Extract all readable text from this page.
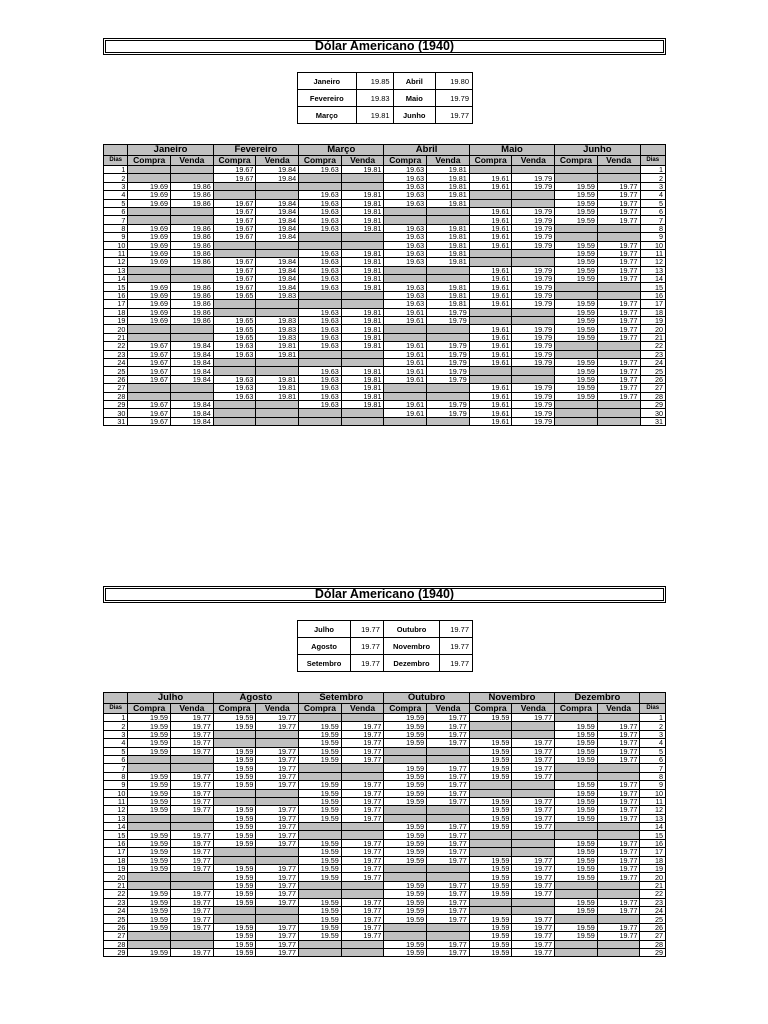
Dólar Americano (1940)
Janeiro	19.85	Abril	19.80
Fevereiro	19.83	Maio	19.79
Março	19.81	Junho	19.77
	Janeiro		Fevereiro		Março		Abril		Maio		Junho		
Dias	Compra	Venda	Compra	Venda	Compra	Venda	Compra	Venda	Compra	Venda	Compra	Venda	Dias
1			19.67	19.84	19.63	19.81	19.63	19.81					1
2			19.67	19.84			19.63	19.81	19.61	19.79			2
3	19.69	19.86					19.63	19.81	19.61	19.79	19.59	19.77	3
4	19.69	19.86			19.63	19.81	19.63	19.81			19.59	19.77	4
5	19.69	19.86	19.67	19.84	19.63	19.81	19.63	19.81			19.59	19.77	5
6			19.67	19.84	19.63	19.81			19.61	19.79	19.59	19.77	6
7			19.67	19.84	19.63	19.81			19.61	19.79	19.59	19.77	7
8	19.69	19.86	19.67	19.84	19.63	19.81	19.63	19.81	19.61	19.79			8
9	19.69	19.86	19.67	19.84			19.63	19.81	19.61	19.79			9
10	19.69	19.86					19.63	19.81	19.61	19.79	19.59	19.77	10
11	19.69	19.86			19.63	19.81	19.63	19.81			19.59	19.77	11
12	19.69	19.86	19.67	19.84	19.63	19.81	19.63	19.81			19.59	19.77	12
13			19.67	19.84	19.63	19.81			19.61	19.79	19.59	19.77	13
14			19.67	19.84	19.63	19.81			19.61	19.79	19.59	19.77	14
15	19.69	19.86	19.67	19.84	19.63	19.81	19.63	19.81	19.61	19.79			15
16	19.69	19.86	19.65	19.83			19.63	19.81	19.61	19.79			16
17	19.69	19.86					19.63	19.81	19.61	19.79	19.59	19.77	17
18	19.69	19.86			19.63	19.81	19.61	19.79			19.59	19.77	18
19	19.69	19.86	19.65	19.83	19.63	19.81	19.61	19.79			19.59	19.77	19
20			19.65	19.83	19.63	19.81			19.61	19.79	19.59	19.77	20
21			19.65	19.83	19.63	19.81			19.61	19.79	19.59	19.77	21
22	19.67	19.84	19.63	19.81	19.63	19.81	19.61	19.79	19.61	19.79			22
23	19.67	19.84	19.63	19.81			19.61	19.79	19.61	19.79			23
24	19.67	19.84					19.61	19.79	19.61	19.79	19.59	19.77	24
25	19.67	19.84			19.63	19.81	19.61	19.79			19.59	19.77	25
26	19.67	19.84	19.63	19.81	19.63	19.81	19.61	19.79			19.59	19.77	26
27			19.63	19.81	19.63	19.81			19.61	19.79	19.59	19.77	27
28			19.63	19.81	19.63	19.81			19.61	19.79	19.59	19.77	28
29	19.67	19.84			19.63	19.81	19.61	19.79	19.61	19.79			29
30	19.67	19.84					19.61	19.79	19.61	19.79			30
31	19.67	19.84							19.61	19.79			31
Dólar Americano (1940)
Julho	19.77	Outubro	19.77
Agosto	19.77	Novembro	19.77
Setembro	19.77	Dezembro	19.77
	Julho		Agosto		Setembro		Outubro		Novembro		Dezembro		
Dias	Compra	Venda	Compra	Venda	Compra	Venda	Compra	Venda	Compra	Venda	Compra	Venda	Dias
1	19.59	19.77	19.59	19.77			19.59	19.77	19.59	19.77			1
2	19.59	19.77	19.59	19.77	19.59	19.77	19.59	19.77			19.59	19.77	2
3	19.59	19.77			19.59	19.77	19.59	19.77			19.59	19.77	3
4	19.59	19.77			19.59	19.77	19.59	19.77	19.59	19.77	19.59	19.77	4
5	19.59	19.77	19.59	19.77	19.59	19.77			19.59	19.77	19.59	19.77	5
6			19.59	19.77	19.59	19.77			19.59	19.77	19.59	19.77	6
7			19.59	19.77			19.59	19.77	19.59	19.77			7
8	19.59	19.77	19.59	19.77			19.59	19.77	19.59	19.77			8
9	19.59	19.77	19.59	19.77	19.59	19.77	19.59	19.77			19.59	19.77	9
10	19.59	19.77			19.59	19.77	19.59	19.77			19.59	19.77	10
11	19.59	19.77			19.59	19.77	19.59	19.77	19.59	19.77	19.59	19.77	11
12	19.59	19.77	19.59	19.77	19.59	19.77			19.59	19.77	19.59	19.77	12
13			19.59	19.77	19.59	19.77			19.59	19.77	19.59	19.77	13
14			19.59	19.77			19.59	19.77	19.59	19.77			14
15	19.59	19.77	19.59	19.77			19.59	19.77					15
16	19.59	19.77	19.59	19.77	19.59	19.77	19.59	19.77			19.59	19.77	16
17	19.59	19.77			19.59	19.77	19.59	19.77			19.59	19.77	17
18	19.59	19.77			19.59	19.77	19.59	19.77	19.59	19.77	19.59	19.77	18
19	19.59	19.77	19.59	19.77	19.59	19.77			19.59	19.77	19.59	19.77	19
20			19.59	19.77	19.59	19.77			19.59	19.77	19.59	19.77	20
21			19.59	19.77			19.59	19.77	19.59	19.77			21
22	19.59	19.77	19.59	19.77			19.59	19.77	19.59	19.77			22
23	19.59	19.77	19.59	19.77	19.59	19.77	19.59	19.77			19.59	19.77	23
24	19.59	19.77			19.59	19.77	19.59	19.77			19.59	19.77	24
25	19.59	19.77			19.59	19.77	19.59	19.77	19.59	19.77			25
26	19.59	19.77	19.59	19.77	19.59	19.77			19.59	19.77	19.59	19.77	26
27			19.59	19.77	19.59	19.77			19.59	19.77	19.59	19.77	27
28			19.59	19.77			19.59	19.77	19.59	19.77			28
29	19.59	19.77	19.59	19.77			19.59	19.77	19.59	19.77			29
